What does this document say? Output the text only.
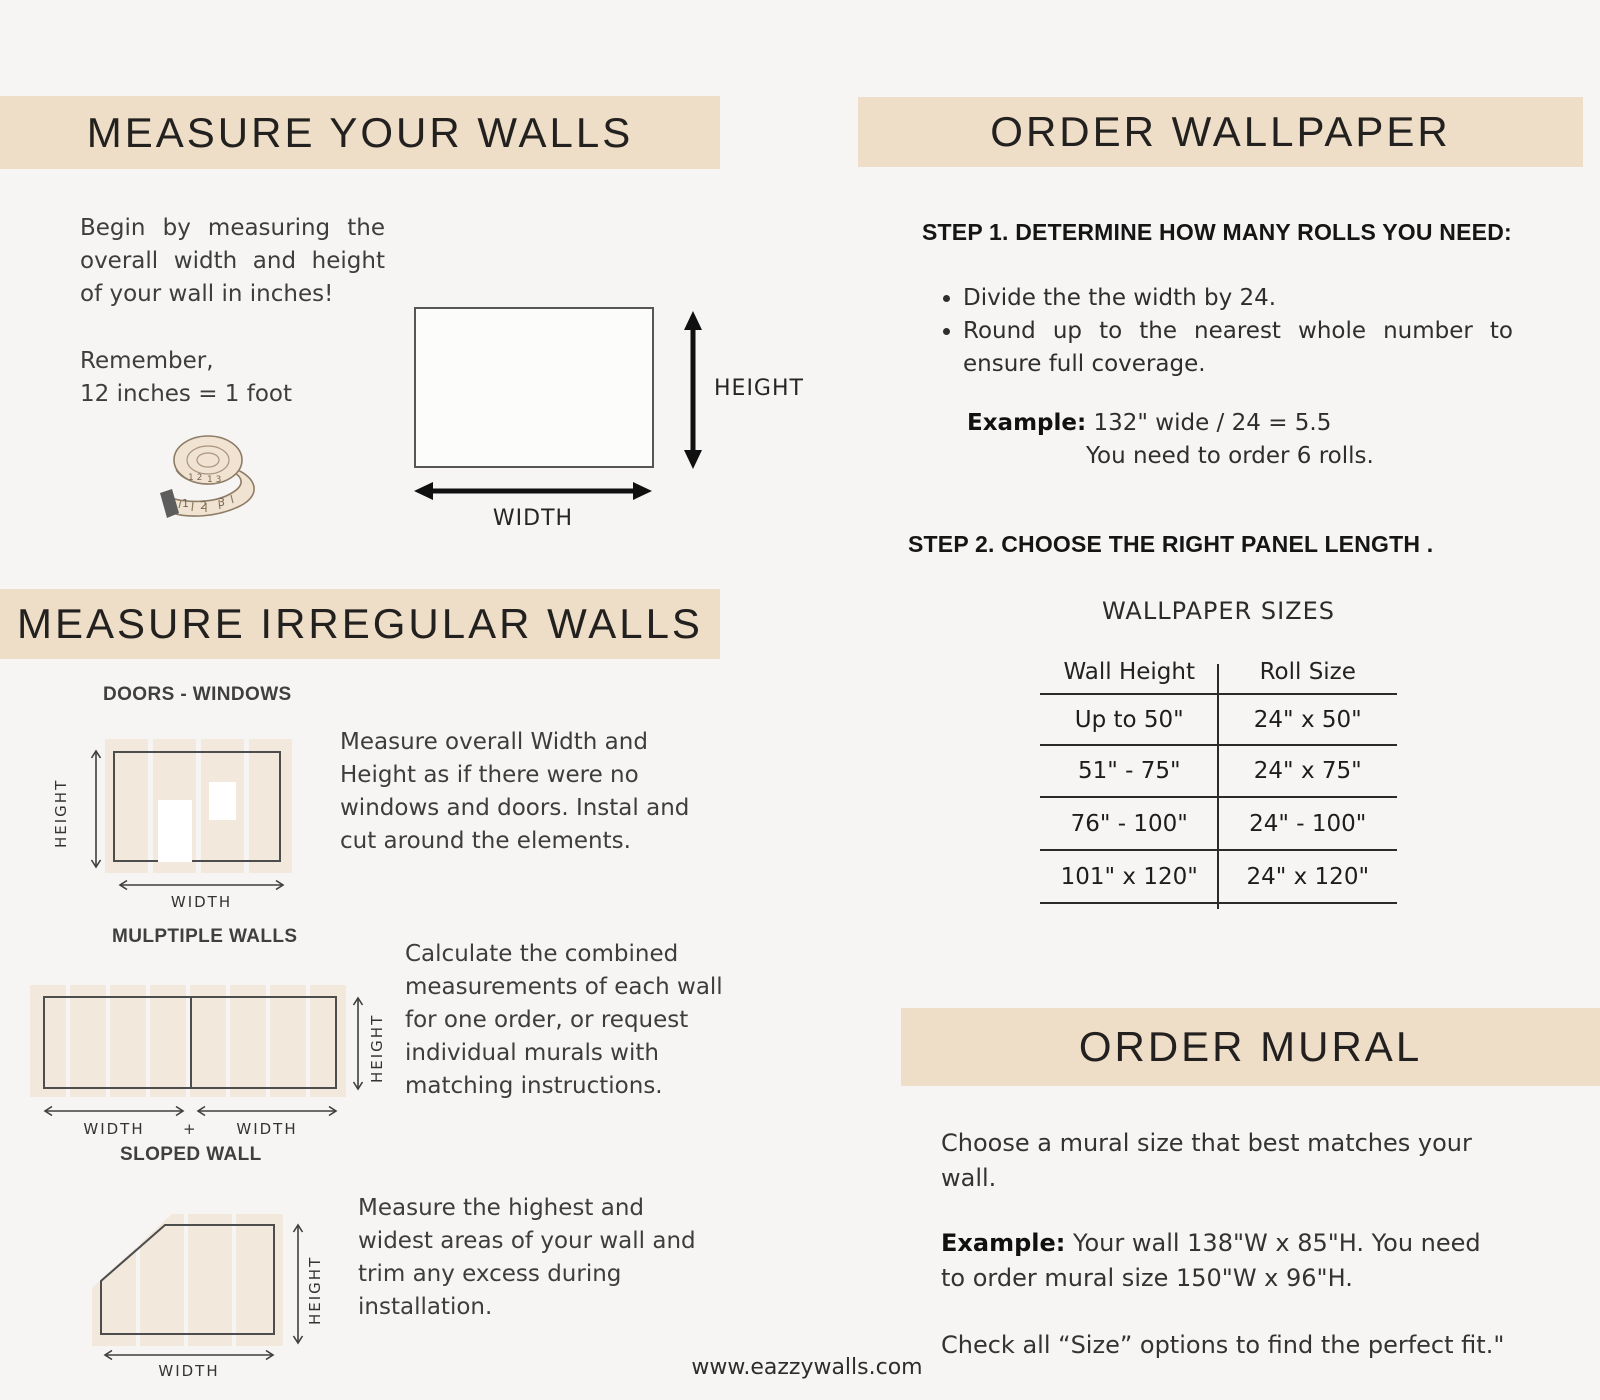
MEASURE YOUR WALLS
Begin by measuring the overall width and height of your wall in inches!
Remember,
12 inches = 1 foot
1 2 3
1 2 1 3
HEIGHT
WIDTH
MEASURE IRREGULAR WALLS
DOORS - WINDOWS
HEIGHT
WIDTH
Measure overall Width and Height as if there were no windows and doors. Instal and cut around the elements.
MULPTIPLE WALLS
HEIGHT
WIDTH	+	WIDTH
Calculate the combined measurements of each wall for one order, or request individual murals with matching instructions.
SLOPED WALL
HEIGHT
WIDTH
Measure the highest and widest areas of your wall and trim any excess during installation.
www.eazzywalls.com
ORDER WALLPAPER
STEP 1. DETERMINE HOW MANY ROLLS YOU NEED:
• Divide the the width by 24.
• Round up to the nearest whole number to ensure full coverage.
Example: 132" wide / 24 = 5.5
You need to order 6 rolls.
STEP 2. CHOOSE THE RIGHT PANEL LENGTH .
WALLPAPER SIZES
Wall Height	Roll Size
Up to 50"	24" x 50"
51" - 75"	24" x 75"
76" - 100"	24" - 100"
101" x 120"	24" x 120"
ORDER MURAL
Choose a mural size that best matches your wall.
Example: Your wall 138"W x 85"H. You need to order mural size 150"W x 96"H.
Check all “Size” options to find the perfect fit."
